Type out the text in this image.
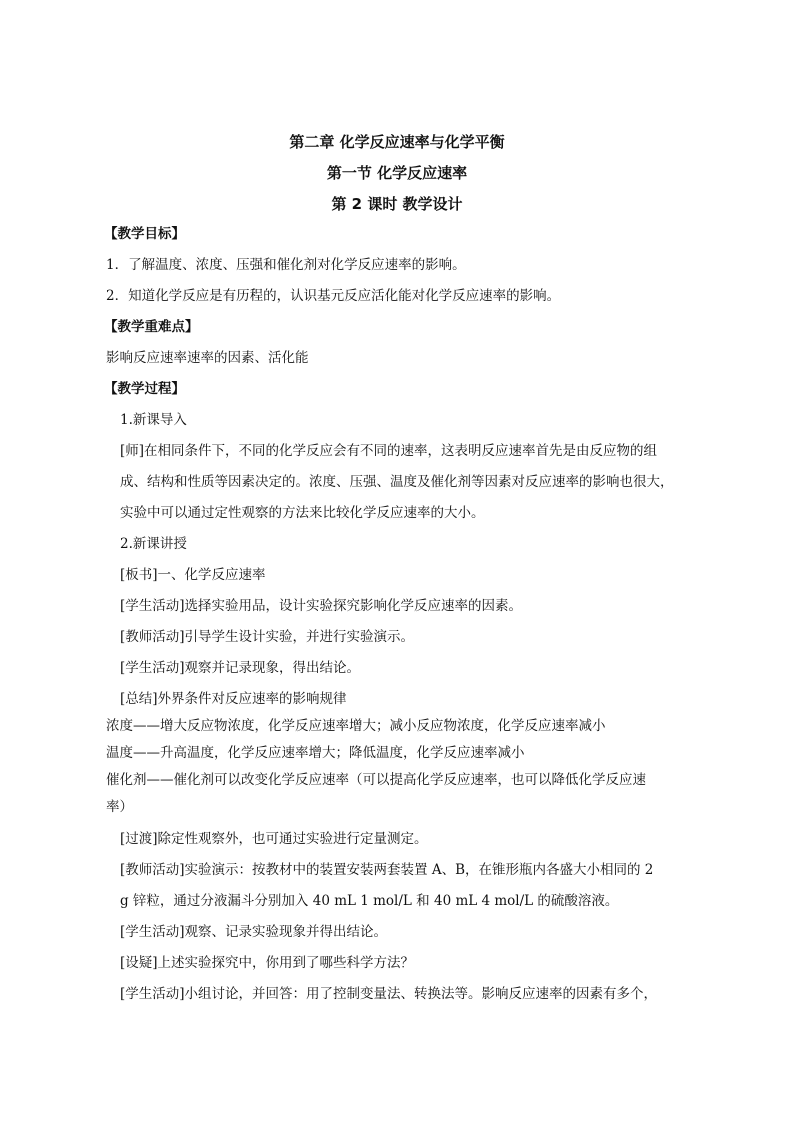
第二章 化学反应速率与化学平衡
第一节 化学反应速率
第 2 课时 教学设计
【教学目标】
1．了解温度、浓度、压强和催化剂对化学反应速率的影响。
2．知道化学反应是有历程的，认识基元反应活化能对化学反应速率的影响。
【教学重难点】
影响反应速率速率的因素、活化能
【教学过程】
1.新课导入
[师]在相同条件下，不同的化学反应会有不同的速率，这表明反应速率首先是由反应物的组
成、结构和性质等因素决定的。浓度、压强、温度及催化剂等因素对反应速率的影响也很大，
实验中可以通过定性观察的方法来比较化学反应速率的大小。
2.新课讲授
[板书]一、化学反应速率
[学生活动]选择实验用品，设计实验探究影响化学反应速率的因素。
[教师活动]引导学生设计实验，并进行实验演示。
[学生活动]观察并记录现象，得出结论。
[总结]外界条件对反应速率的影响规律
浓度——增大反应物浓度，化学反应速率增大；减小反应物浓度，化学反应速率减小
温度——升高温度，化学反应速率增大；降低温度，化学反应速率减小
催化剂——催化剂可以改变化学反应速率（可以提高化学反应速率，也可以降低化学反应速
率）
[过渡]除定性观察外，也可通过实验进行定量测定。
[教师活动]实验演示：按教材中的装置安装两套装置 A、B，在锥形瓶内各盛大小相同的 2
g 锌粒，通过分液漏斗分别加入 40 mL 1 mol/L 和 40 mL 4 mol/L 的硫酸溶液。
[学生活动]观察、记录实验现象并得出结论。
[设疑]上述实验探究中，你用到了哪些科学方法？
[学生活动]小组讨论，并回答：用了控制变量法、转换法等。影响反应速率的因素有多个，
